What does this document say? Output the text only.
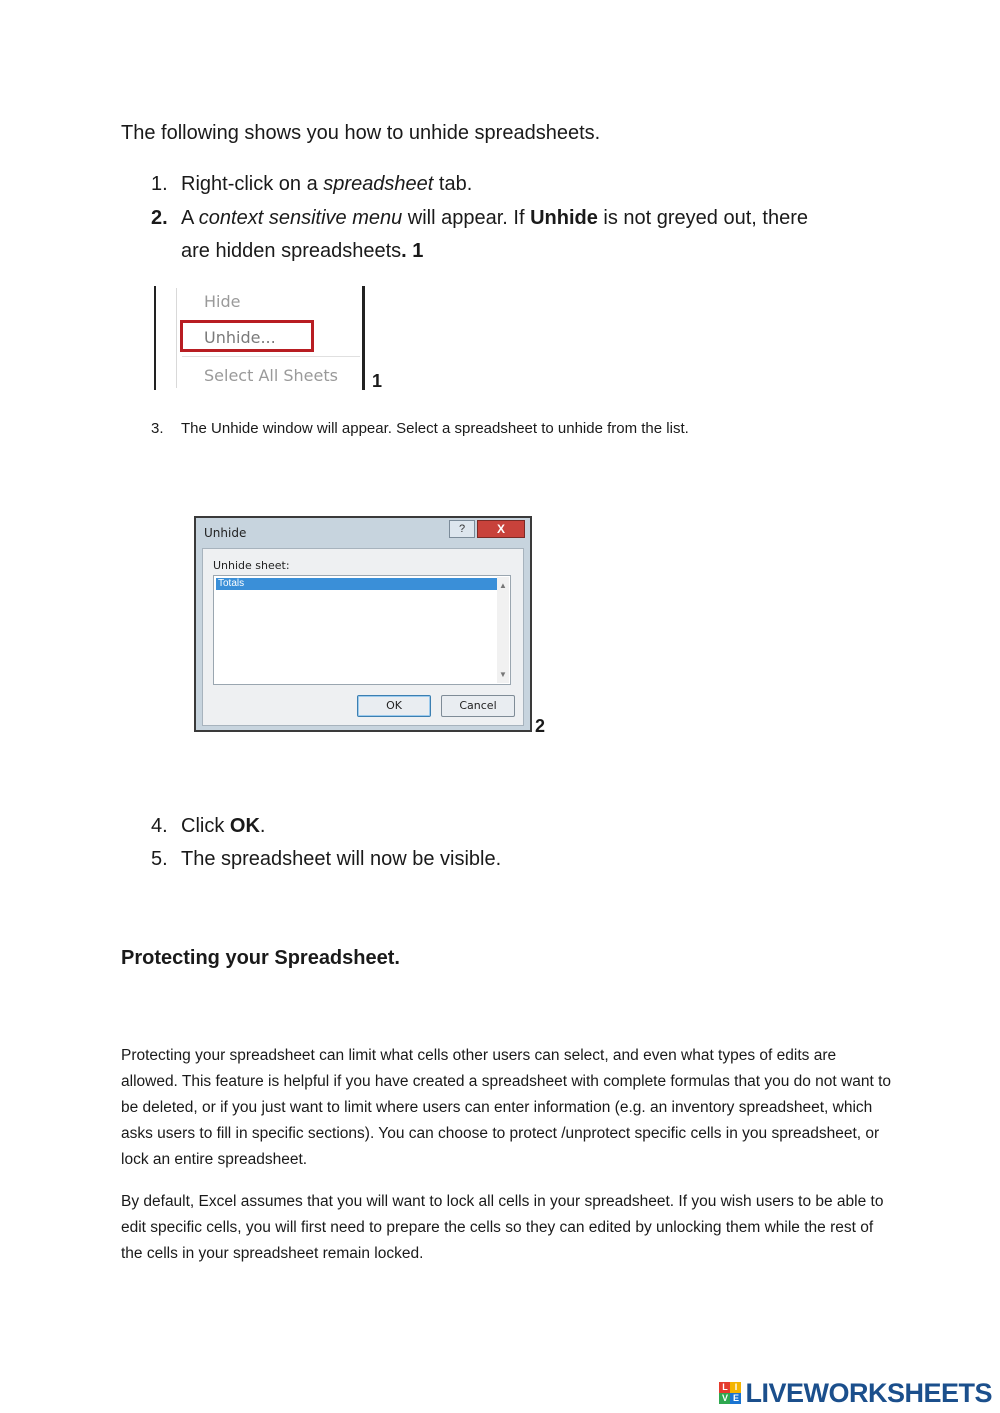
The following shows you how to unhide spreadsheets.
1. Right-click on a spreadsheet tab.
2. A context sensitive menu will appear. If Unhide is not greyed out, there
are hidden spreadsheets. 1
Hide
Unhide...
Select All Sheets 1
3. The Unhide window will appear. Select a spreadsheet to unhide from the list.
Unhide	?	X
Unhide sheet:
Totals	▲
▼
OK	Cancel
2
4. Click OK.
5. The spreadsheet will now be visible.
Protecting your Spreadsheet.
Protecting your spreadsheet can limit what cells other users can select, and even what types of edits are allowed. This feature is helpful if you have created a spreadsheet with complete formulas that you do not want to be deleted, or if you just want to limit where users can enter information (e.g. an inventory spreadsheet, which asks users to fill in specific sections). You can choose to protect /unprotect specific cells in you spreadsheet, or lock an entire spreadsheet.
By default, Excel assumes that you will want to lock all cells in your spreadsheet. If you wish users to be able to edit specific cells, you will first need to prepare the cells so they can edited by unlocking them while the rest of the cells in your spreadsheet remain locked.
L I
V E LIVEWORKSHEETS
